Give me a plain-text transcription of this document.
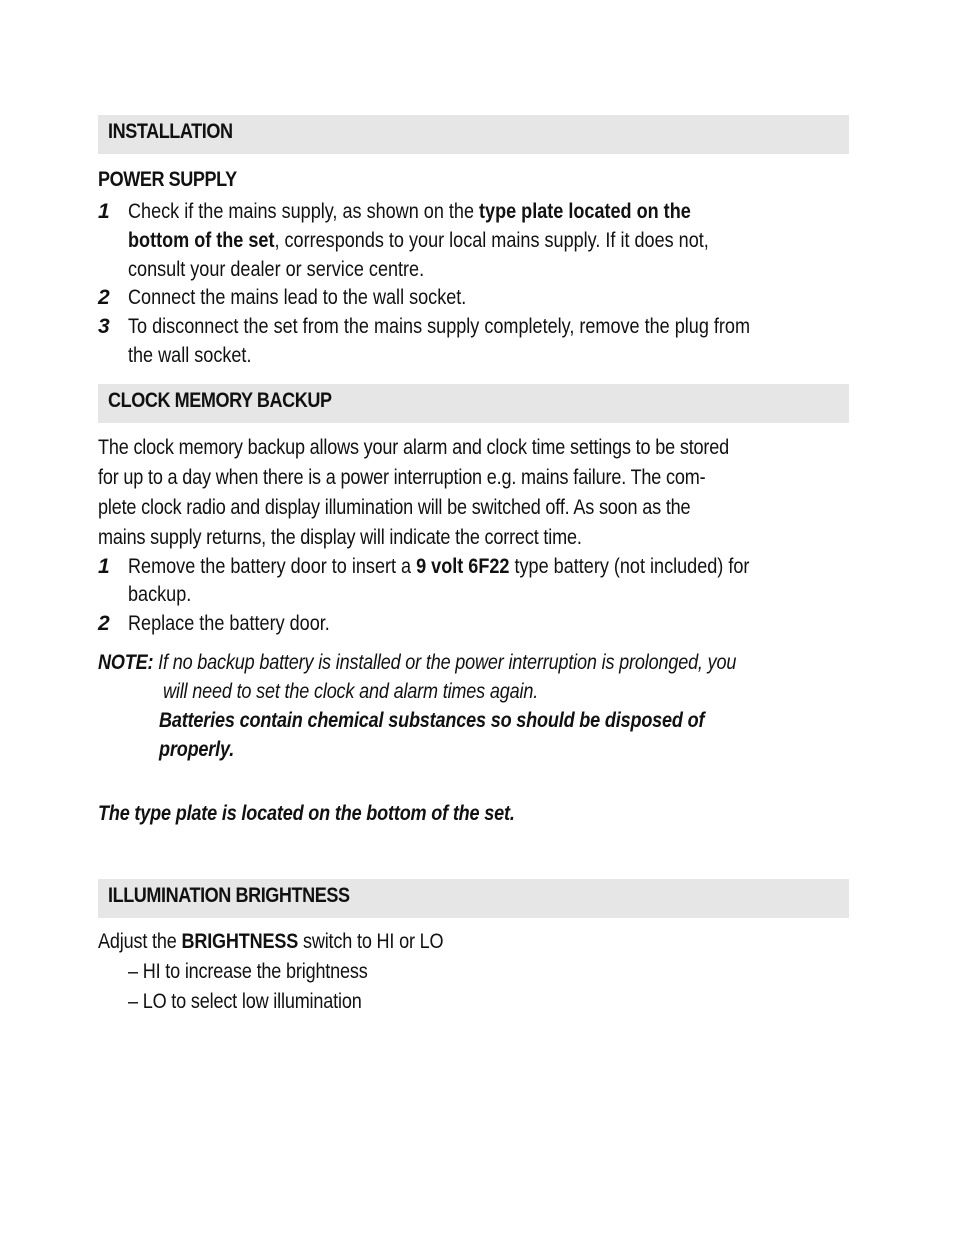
INSTALLATION
POWER SUPPLY
1 Check if the mains supply, as shown on the type plate located on the
bottom of the set, corresponds to your local mains supply. If it does not,
consult your dealer or service centre.
2 Connect the mains lead to the wall socket.
3 To disconnect the set from the mains supply completely, remove the plug from
the wall socket.
CLOCK MEMORY BACKUP
The clock memory backup allows your alarm and clock time settings to be stored
for up to a day when there is a power interruption e.g. mains failure. The com-
plete clock radio and display illumination will be switched off. As soon as the
mains supply returns, the display will indicate the correct time.
1 Remove the battery door to insert a 9 volt 6F22 type battery (not included) for
backup.
2 Replace the battery door.
NOTE: If no backup battery is installed or the power interruption is prolonged, you
will need to set the clock and alarm times again.
Batteries contain chemical substances so should be disposed of
properly.
The type plate is located on the bottom of the set.
ILLUMINATION BRIGHTNESS
Adjust the BRIGHTNESS switch to HI or LO
– HI to increase the brightness
– LO to select low illumination
